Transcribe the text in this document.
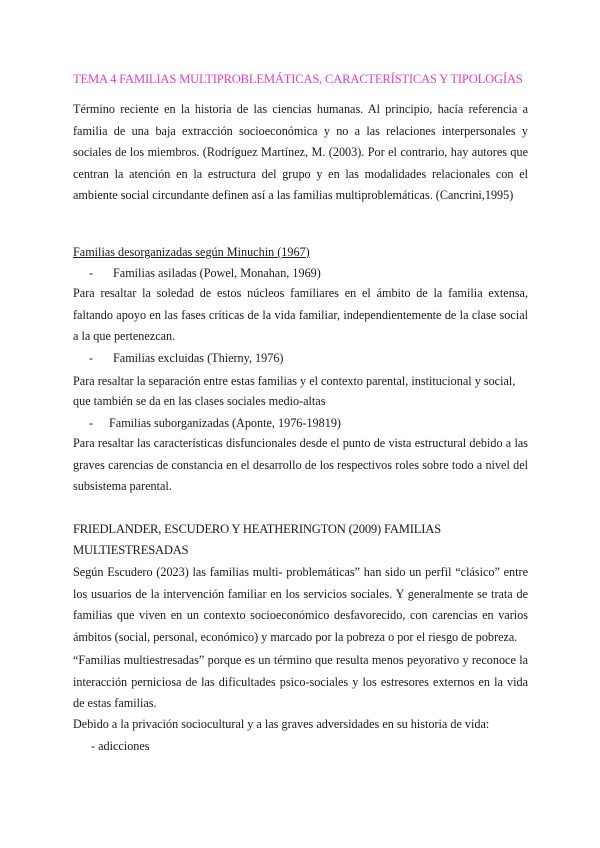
TEMA 4 FAMILIAS MULTIPROBLEMÁTICAS, CARACTERÍSTICAS Y TIPOLOGÍAS
Término reciente en la historia de las ciencias humanas. Al principio, hacía referencia a familia de una baja extracción socioeconómica y no a las relaciones interpersonales y sociales de los miembros. (Rodríguez Martínez, M. (2003). Por el contrario, hay autores que centran la atención en la estructura del grupo y en las modalidades relacionales con el ambiente social circundante definen así a las familias multiproblemáticas. (Cancrini,1995)
Familias desorganizadas según Minuchin (1967)
- Familias asiladas (Powel, Monahan, 1969)
Para resaltar la soledad de estos núcleos familiares en el ámbito de la familia extensa, faltando apoyo en las fases críticas de la vida familiar, independientemente de la clase social a la que pertenezcan.
- Familias excluidas (Thierny, 1976)
Para resaltar la separación entre estas familias y el contexto parental, institucional y social,
que también se da en las clases sociales medio-altas
- Familias suborganizadas (Aponte, 1976-19819)
Para resaltar las características disfuncionales desde el punto de vista estructural debido a las graves carencias de constancia en el desarrollo de los respectivos roles sobre todo a nivel del subsistema parental.
FRIEDLANDER, ESCUDERO Y HEATHERINGTON (2009) FAMILIAS MULTIESTRESADAS
Según Escudero (2023) las familias multi- problemáticas” han sido un perfil “clásico” entre los usuarios de la intervención familiar en los servicios sociales. Y generalmente se trata de familias que viven en un contexto socioeconómico desfavorecido, con carencias en varios ámbitos (social, personal, económico) y marcado por la pobreza o por el riesgo de pobreza.
“Familias multiestresadas” porque es un término que resulta menos peyorativo y reconoce la interacción perniciosa de las dificultades psico-sociales y los estresores externos en la vida de estas familias.
Debido a la privación sociocultural y a las graves adversidades en su historia de vida:
- adicciones
